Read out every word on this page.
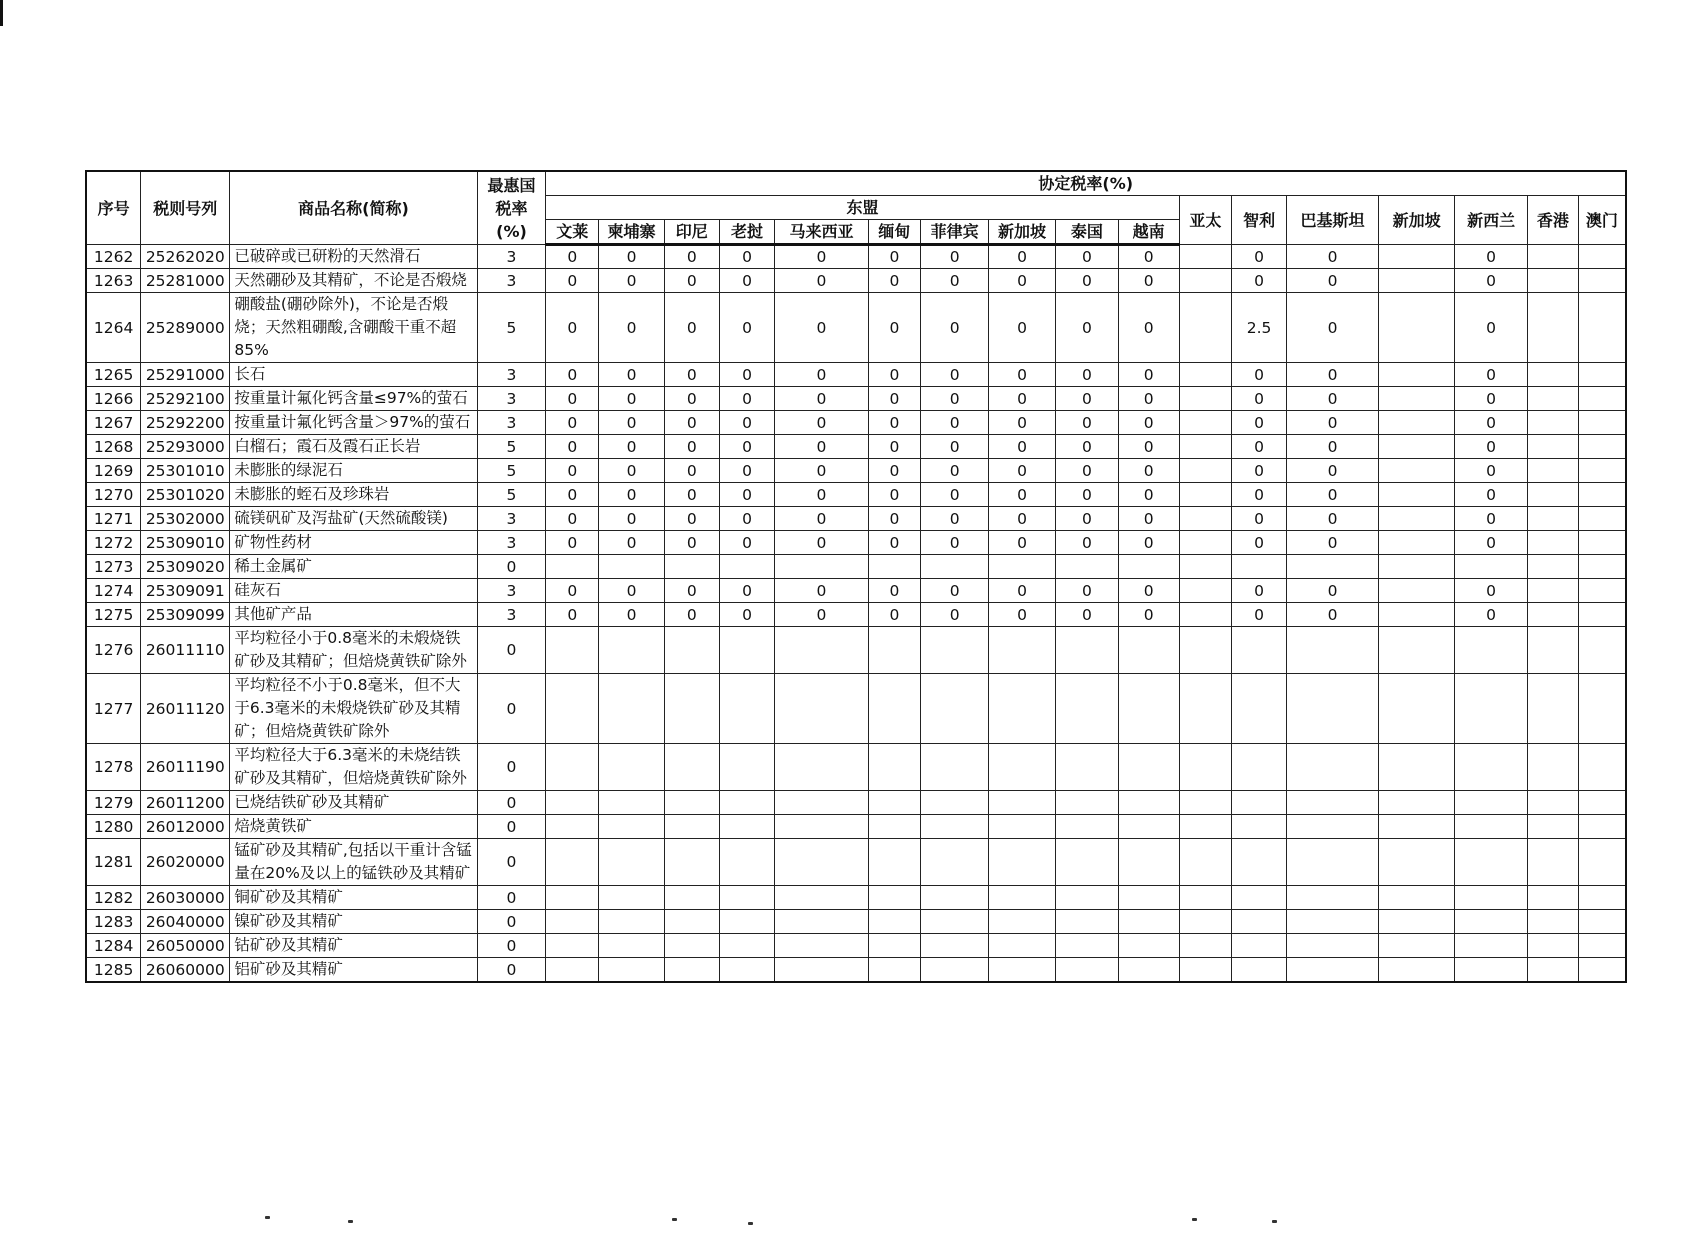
序号	税则号列	商品名称(简称)	最惠国
税率
(%)	协定税率(%)																
				东盟										亚太	智利	巴基斯坦	新加坡	新西兰	香港	澳门
				文莱	柬埔寨	印尼	老挝	马来西亚	缅甸	菲律宾	新加坡	泰国	越南							
1262	25262020	已破碎或已研粉的天然滑石	3	0	0	0	0	0	0	0	0	0	0		0	0		0		
1263	25281000	天然硼砂及其精矿，不论是否煅烧	3	0	0	0	0	0	0	0	0	0	0		0	0		0		
1264	25289000	硼酸盐(硼砂除外)，不论是否煅烧；天然粗硼酸,含硼酸干重不超85%	5	0	0	0	0	0	0	0	0	0	0		2.5	0		0		
1265	25291000	长石	3	0	0	0	0	0	0	0	0	0	0		0	0		0		
1266	25292100	按重量计氟化钙含量≤97%的萤石	3	0	0	0	0	0	0	0	0	0	0		0	0		0		
1267	25292200	按重量计氟化钙含量＞97%的萤石	3	0	0	0	0	0	0	0	0	0	0		0	0		0		
1268	25293000	白榴石；霞石及霞石正长岩	5	0	0	0	0	0	0	0	0	0	0		0	0		0		
1269	25301010	未膨胀的绿泥石	5	0	0	0	0	0	0	0	0	0	0		0	0		0		
1270	25301020	未膨胀的蛭石及珍珠岩	5	0	0	0	0	0	0	0	0	0	0		0	0		0		
1271	25302000	硫镁矾矿及泻盐矿(天然硫酸镁)	3	0	0	0	0	0	0	0	0	0	0		0	0		0		
1272	25309010	矿物性药材	3	0	0	0	0	0	0	0	0	0	0		0	0		0		
1273	25309020	稀土金属矿	0																	
1274	25309091	硅灰石	3	0	0	0	0	0	0	0	0	0	0		0	0		0		
1275	25309099	其他矿产品	3	0	0	0	0	0	0	0	0	0	0		0	0		0		
1276	26011110	平均粒径小于0.8毫米的未煅烧铁矿砂及其精矿；但焙烧黄铁矿除外	0																	
1277	26011120	平均粒径不小于0.8毫米，但不大于6.3毫米的未煅烧铁矿砂及其精矿；但焙烧黄铁矿除外	0																	
1278	26011190	平均粒径大于6.3毫米的未烧结铁矿砂及其精矿，但焙烧黄铁矿除外	0																	
1279	26011200	已烧结铁矿砂及其精矿	0																	
1280	26012000	焙烧黄铁矿	0																	
1281	26020000	锰矿砂及其精矿,包括以干重计含锰量在20%及以上的锰铁砂及其精矿	0																	
1282	26030000	铜矿砂及其精矿	0																	
1283	26040000	镍矿砂及其精矿	0																	
1284	26050000	钴矿砂及其精矿	0																	
1285	26060000	铝矿砂及其精矿	0																	
